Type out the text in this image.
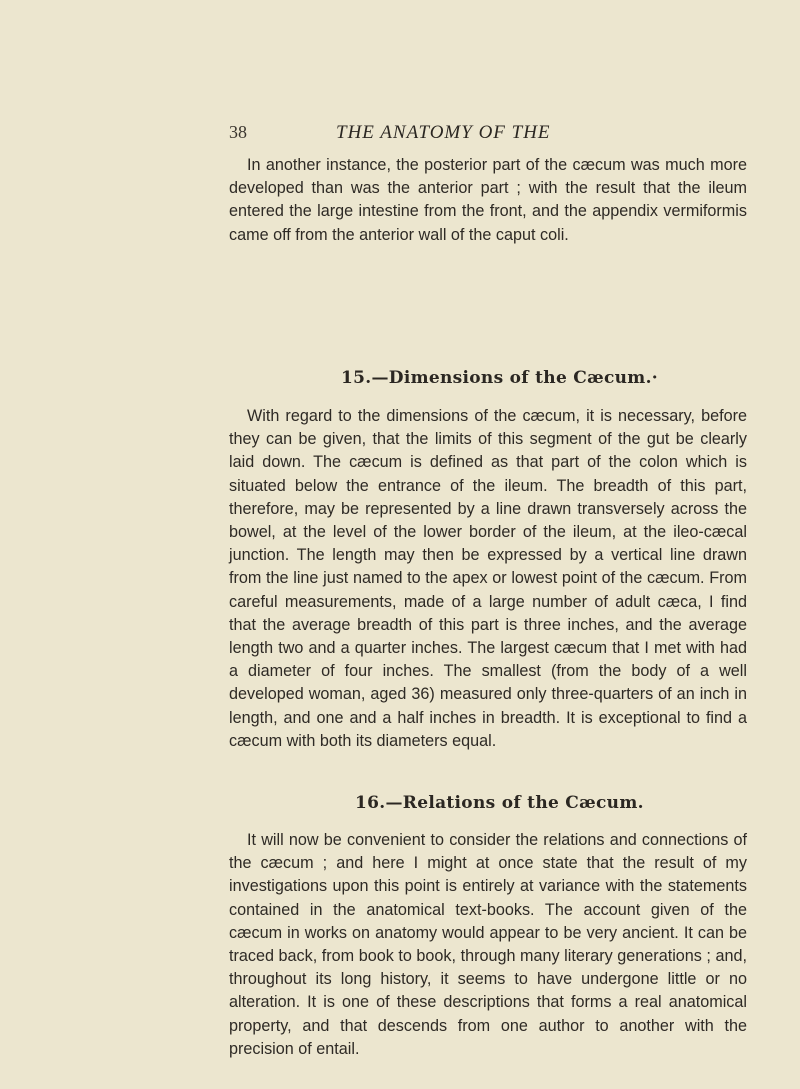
38	THE ANATOMY OF THE

In another instance, the posterior part of the cæcum was much more developed than was the anterior part ; with the result that the ileum entered the large intestine from the front, and the appendix vermiformis came off from the anterior wall of the caput coli.

15.—Dimensions of the Cæcum.·

With regard to the dimensions of the cæcum, it is necessary, before they can be given, that the limits of this segment of the gut be clearly laid down. The cæcum is defined as that part of the colon which is situated below the entrance of the ileum. The breadth of this part, therefore, may be represented by a line drawn transversely across the bowel, at the level of the lower border of the ileum, at the ileo-cæcal junction. The length may then be expressed by a vertical line drawn from the line just named to the apex or lowest point of the cæcum. From careful measurements, made of a large number of adult cæca, I find that the average breadth of this part is three inches, and the average length two and a quarter inches. The largest cæcum that I met with had a diameter of four inches. The smallest (from the body of a well developed woman, aged 36) measured only three-quarters of an inch in length, and one and a half inches in breadth. It is exceptional to find a cæcum with both its diameters equal.

16.—Relations of the Cæcum.

It will now be convenient to consider the relations and connections of the cæcum ; and here I might at once state that the result of my investigations upon this point is entirely at variance with the statements contained in the anatomical text-books. The account given of the cæcum in works on anatomy would appear to be very ancient. It can be traced back, from book to book, through many literary generations ; and, throughout its long history, it seems to have undergone little or no alteration. It is one of these descriptions that forms a real anatomical property, and that descends from one author to another with the precision of entail.
